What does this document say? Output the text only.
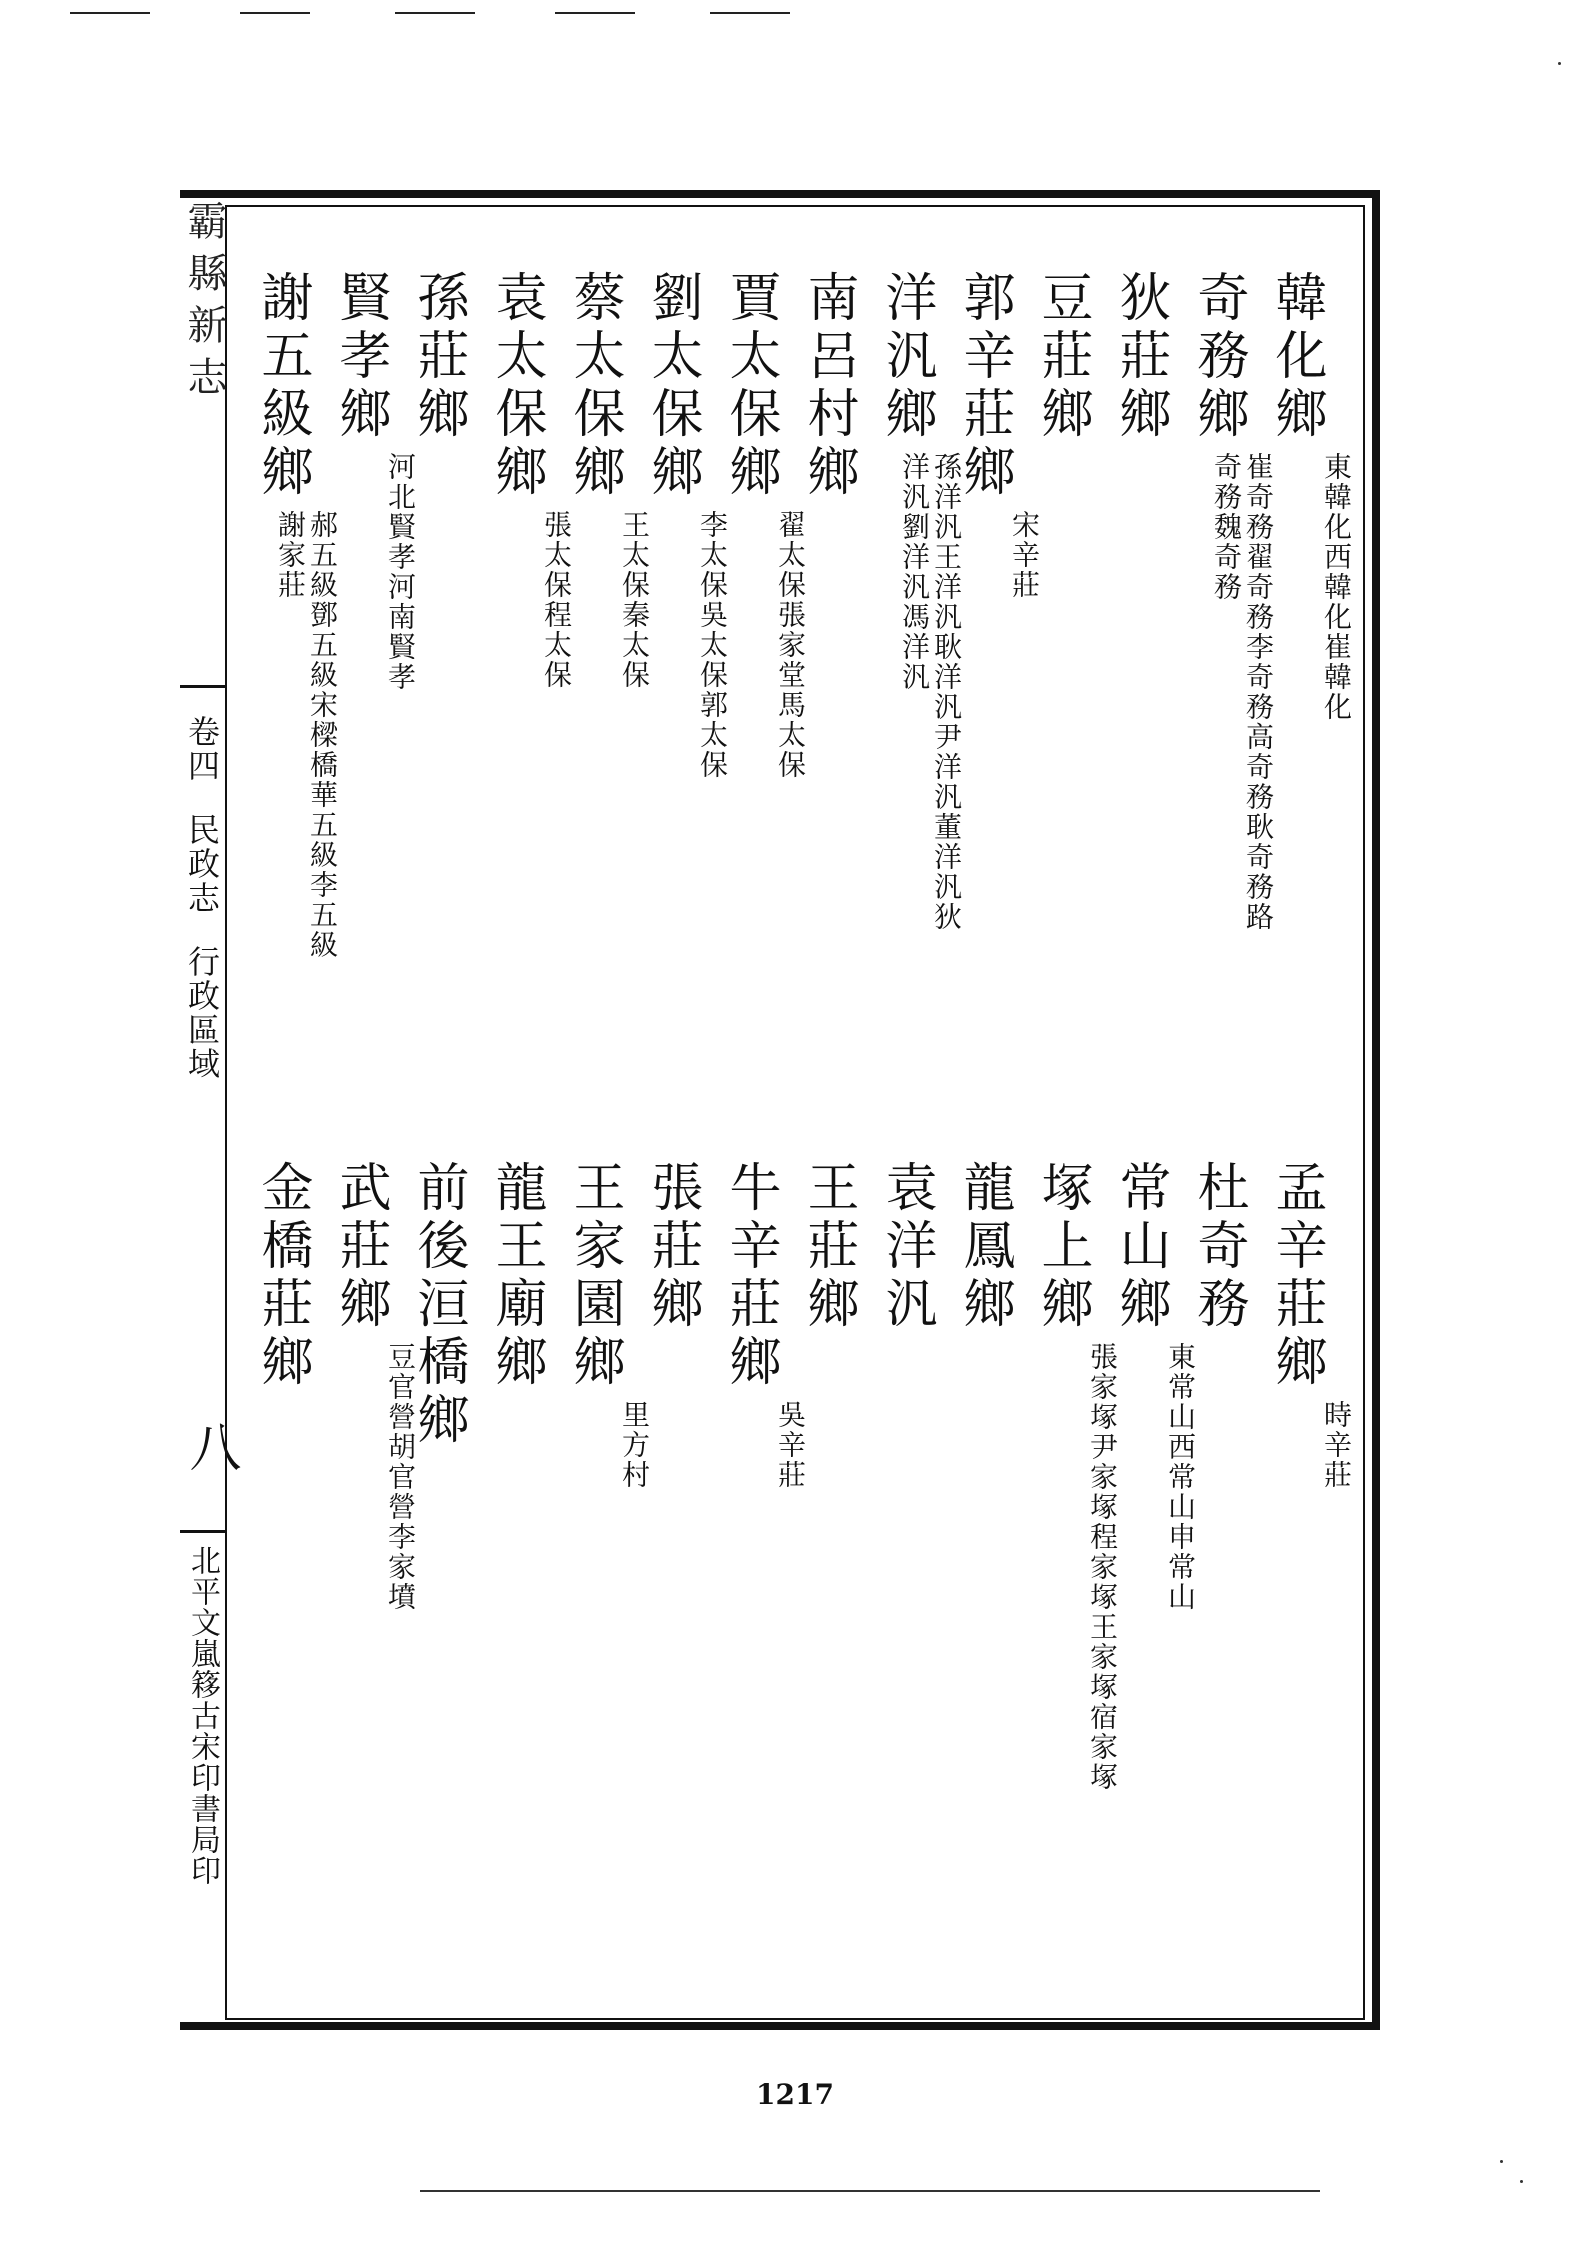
霸縣新志
卷四民政志行政區域
八
北平文嵐簃古宋印書局印
韓化鄉
東韓化西韓化崔韓化
奇務鄉
崔奇務翟奇務李奇務高奇務耿奇務路
奇務魏奇務
狄莊鄉
豆莊鄉
郭辛莊鄉
宋辛莊
洋汎鄉
孫洋汎王洋汎耿洋汎尹洋汎董洋汎狄
洋汎劉洋汎馮洋汎
南呂村鄉
賈太保鄉
翟太保張家堂馬太保
劉太保鄉
李太保吳太保郭太保
蔡太保鄉
王太保秦太保
袁太保鄉
張太保程太保
孫莊鄉
賢孝鄉
河北賢孝河南賢孝
謝五級鄉
郝五級鄧五級宋樑橋華五級李五級
謝家莊
孟辛莊鄉
時辛莊
杜奇務
常山鄉
東常山西常山申常山
塚上鄉
張家塚尹家塚程家塚王家塚宿家塚
龍鳳鄉
袁洋汎
王莊鄉
牛辛莊鄉
吳辛莊
張莊鄉
王家園鄉
里方村
龍王廟鄉
前後洹橋鄉
武莊鄉
豆官營胡官營李家墳
金橋莊鄉
1217
